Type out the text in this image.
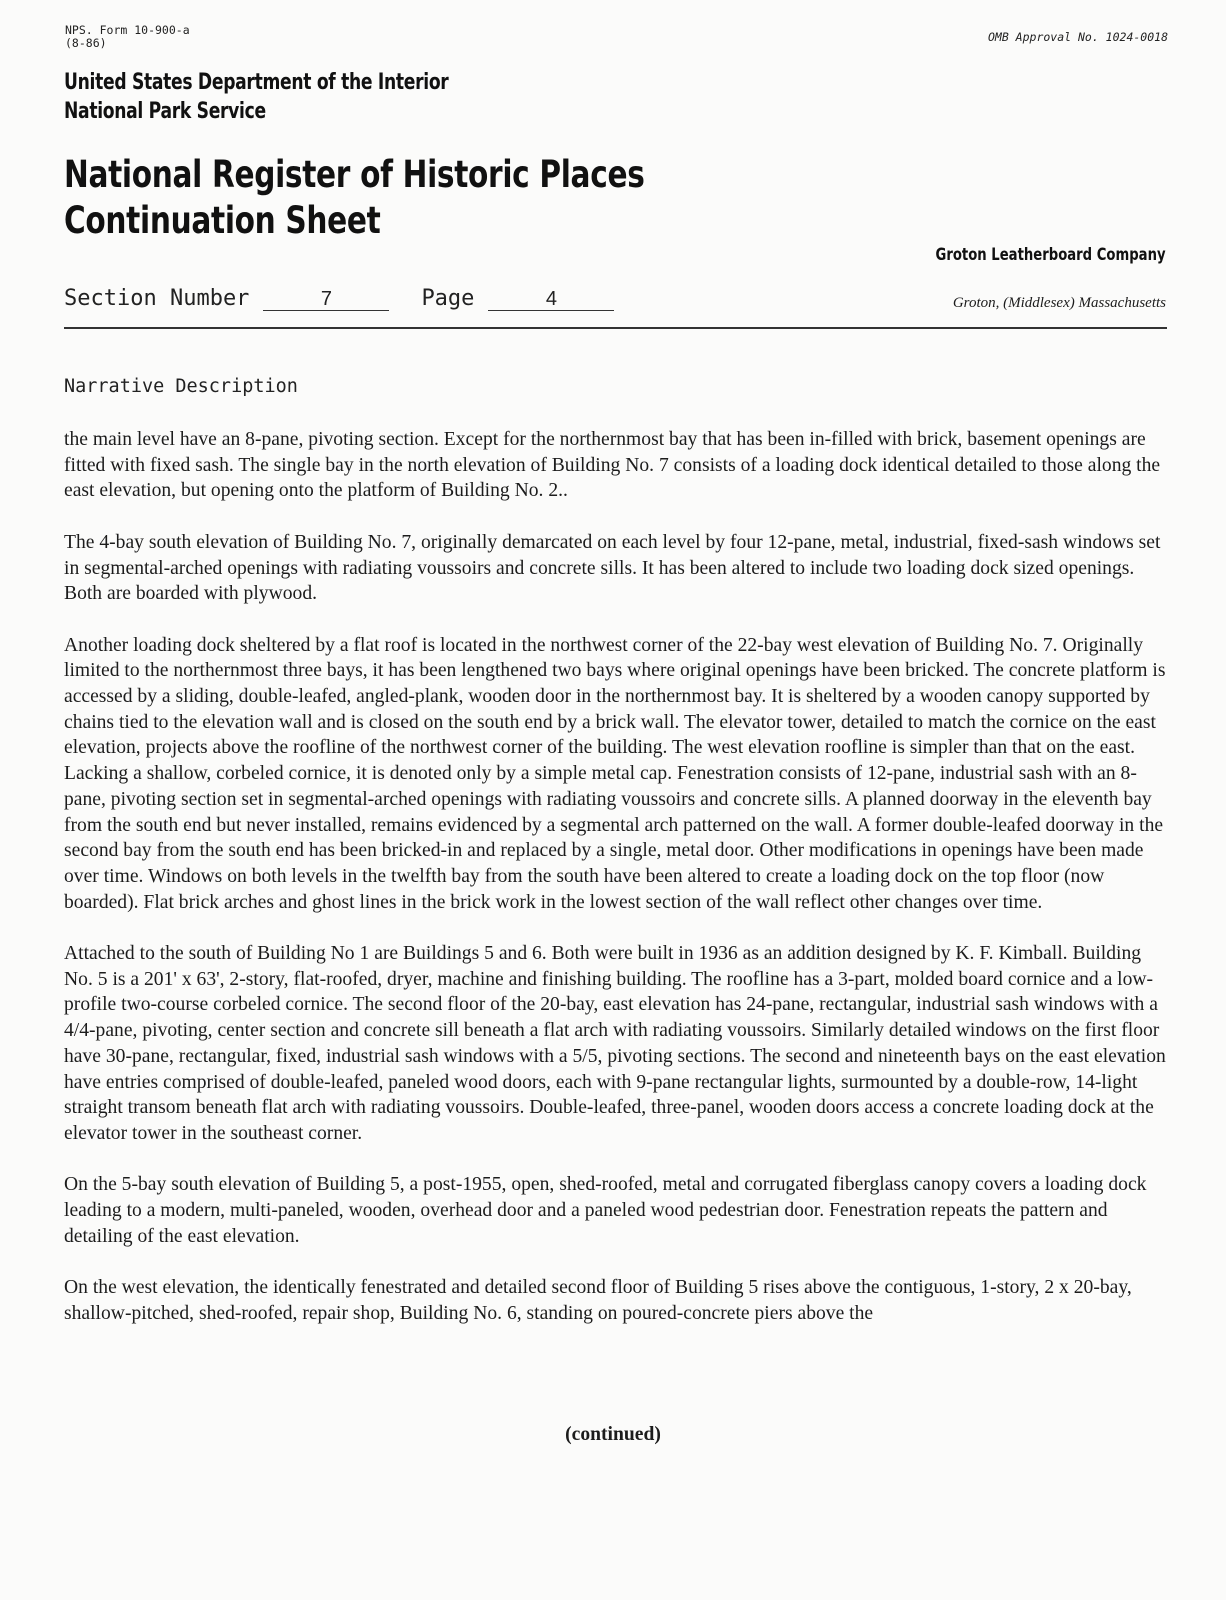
NPS. Form 10-900-a
(8-86)	OMB Approval No. 1024-0018
United States Department of the Interior
National Park Service
National Register of Historic Places
Continuation Sheet
Groton Leatherboard Company
Section Number	7	Page	4	Groton, (Middlesex) Massachusetts
Narrative Description

the main level have an 8-pane, pivoting section. Except for the northernmost bay that has been in-filled with brick, basement openings are fitted with fixed sash. The single bay in the north elevation of Building No. 7 consists of a loading dock identical detailed to those along the east elevation, but opening onto the platform of Building No. 2..

The 4-bay south elevation of Building No. 7, originally demarcated on each level by four 12-pane, metal, industrial, fixed-sash windows set in segmental-arched openings with radiating voussoirs and concrete sills. It has been altered to include two loading dock sized openings. Both are boarded with plywood.

Another loading dock sheltered by a flat roof is located in the northwest corner of the 22-bay west elevation of Building No. 7. Originally limited to the northernmost three bays, it has been lengthened two bays where original openings have been bricked. The concrete platform is accessed by a sliding, double-leafed, angled-plank, wooden door in the northernmost bay. It is sheltered by a wooden canopy supported by chains tied to the elevation wall and is closed on the south end by a brick wall. The elevator tower, detailed to match the cornice on the east elevation, projects above the roofline of the northwest corner of the building. The west elevation roofline is simpler than that on the east. Lacking a shallow, corbeled cornice, it is denoted only by a simple metal cap. Fenestration consists of 12-pane, industrial sash with an 8-pane, pivoting section set in segmental-arched openings with radiating voussoirs and concrete sills. A planned doorway in the eleventh bay from the south end but never installed, remains evidenced by a segmental arch patterned on the wall. A former double-leafed doorway in the second bay from the south end has been bricked-in and replaced by a single, metal door. Other modifications in openings have been made over time. Windows on both levels in the twelfth bay from the south have been altered to create a loading dock on the top floor (now boarded). Flat brick arches and ghost lines in the brick work in the lowest section of the wall reflect other changes over time.

Attached to the south of Building No 1 are Buildings 5 and 6. Both were built in 1936 as an addition designed by K. F. Kimball. Building No. 5 is a 201' x 63', 2-story, flat-roofed, dryer, machine and finishing building. The roofline has a 3-part, molded board cornice and a low-profile two-course corbeled cornice. The second floor of the 20-bay, east elevation has 24-pane, rectangular, industrial sash windows with a 4/4-pane, pivoting, center section and concrete sill beneath a flat arch with radiating voussoirs. Similarly detailed windows on the first floor have 30-pane, rectangular, fixed, industrial sash windows with a 5/5, pivoting sections. The second and nineteenth bays on the east elevation have entries comprised of double-leafed, paneled wood doors, each with 9-pane rectangular lights, surmounted by a double-row, 14-light straight transom beneath flat arch with radiating voussoirs. Double-leafed, three-panel, wooden doors access a concrete loading dock at the elevator tower in the southeast corner.

On the 5-bay south elevation of Building 5, a post-1955, open, shed-roofed, metal and corrugated fiberglass canopy covers a loading dock leading to a modern, multi-paneled, wooden, overhead door and a paneled wood pedestrian door. Fenestration repeats the pattern and detailing of the east elevation.

On the west elevation, the identically fenestrated and detailed second floor of Building 5 rises above the contiguous, 1-story, 2 x 20-bay, shallow-pitched, shed-roofed, repair shop, Building No. 6, standing on poured-concrete piers above the

(continued)
